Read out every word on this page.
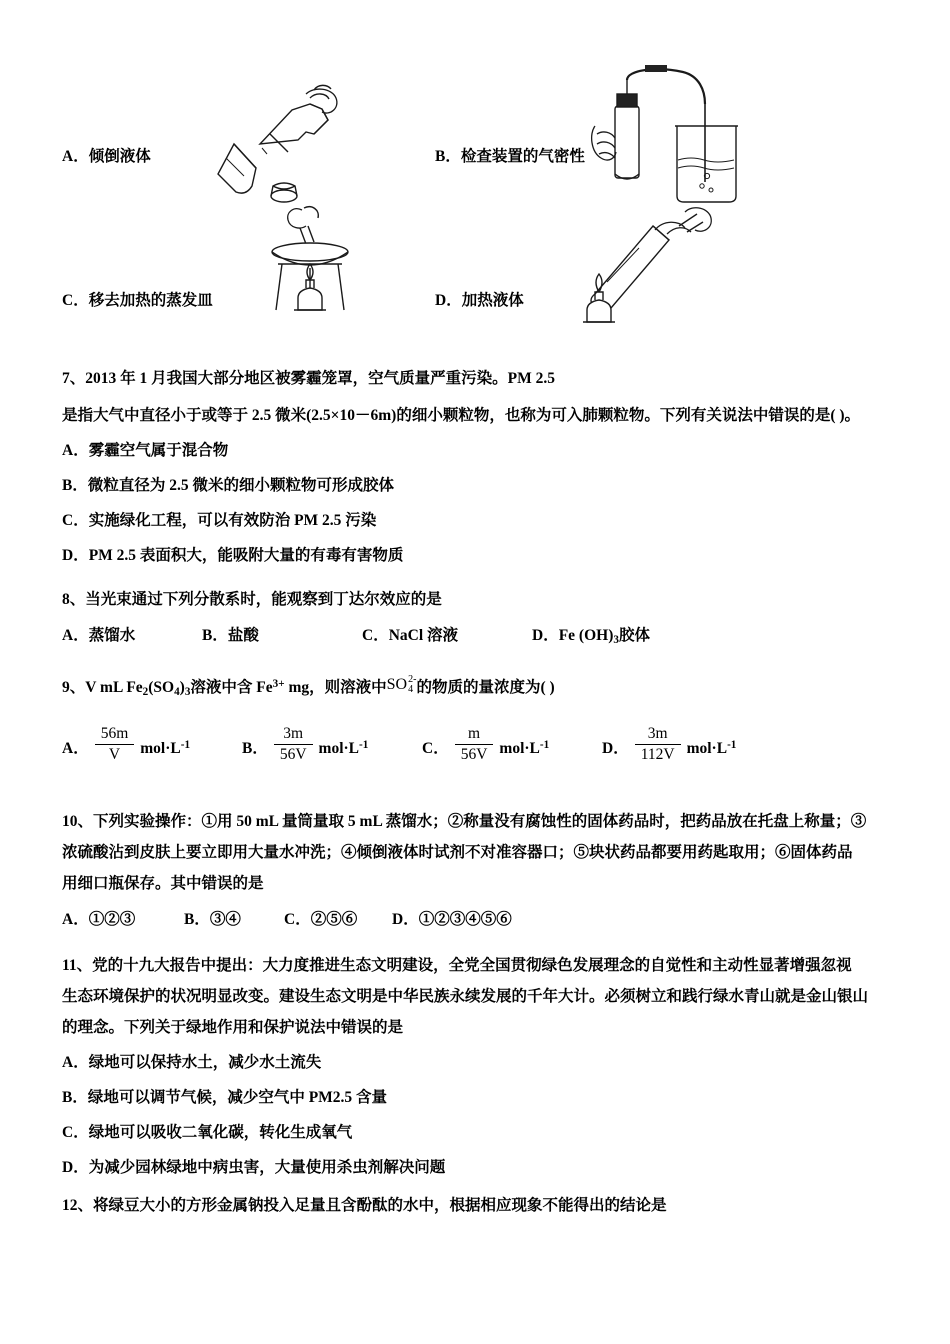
A．倾倒液体	B．检查装置的气密性
C．移去加热的蒸发皿	D．加热液体
7、2013 年 1 月我国大部分地区被雾霾笼罩，空气质量严重污染。PM 2.5
是指大气中直径小于或等于 2.5 微米(2.5×10－6m)的细小颗粒物，也称为可入肺颗粒物。下列有关说法中错误的是( )。
A．雾霾空气属于混合物
B．微粒直径为 2.5 微米的细小颗粒物可形成胶体
C．实施绿化工程，可以有效防治 PM 2.5 污染
D．PM 2.5 表面积大，能吸附大量的有毒有害物质
8、当光束通过下列分散系时，能观察到丁达尔效应的是
A．蒸馏水	B．盐酸	C．NaCl 溶液	D．Fe $(OH)_3$胶体
9、V mL $Fe_2(SO_4)_3$溶液中含 $Fe^{3+}$ mg，则溶液中SO 2-
4 的物质的量浓度为( )
A． $\frac{56m}{V} mol\cdot L^{-1}$	B． $\frac{3m}{56V} mol\cdot L^{-1}$	C． $\frac{m}{56V} mol\cdot L^{-1}$	D． $\frac{3m}{112V} mol\cdot L^{-1}$
10、下列实验操作：①用 50 mL 量筒量取 5 mL 蒸馏水；②称量没有腐蚀性的固体药品时，把药品放在托盘上称量；③
浓硫酸沾到皮肤上要立即用大量水冲洗；④倾倒液体时试剂不对准容器口；⑤块状药品都要用药匙取用；⑥固体药品
用细口瓶保存。其中错误的是
A．①②③	B．③④	C．②⑤⑥ D．①②③④⑤⑥
11、党的十九大报告中提出：大力度推进生态文明建设，全党全国贯彻绿色发展理念的自觉性和主动性显著增强忽视
生态环境保护的状况明显改变。建设生态文明是中华民族永续发展的千年大计。必须树立和践行绿水青山就是金山银山
的理念。下列关于绿地作用和保护说法中错误的是
A．绿地可以保持水土，减少水土流失
B．绿地可以调节气候，减少空气中 PM2.5 含量
C．绿地可以吸收二氧化碳，转化生成氧气
D．为减少园林绿地中病虫害，大量使用杀虫剂解决问题
12、将绿豆大小的方形金属钠投入足量且含酚酞的水中，根据相应现象不能得出的结论是
